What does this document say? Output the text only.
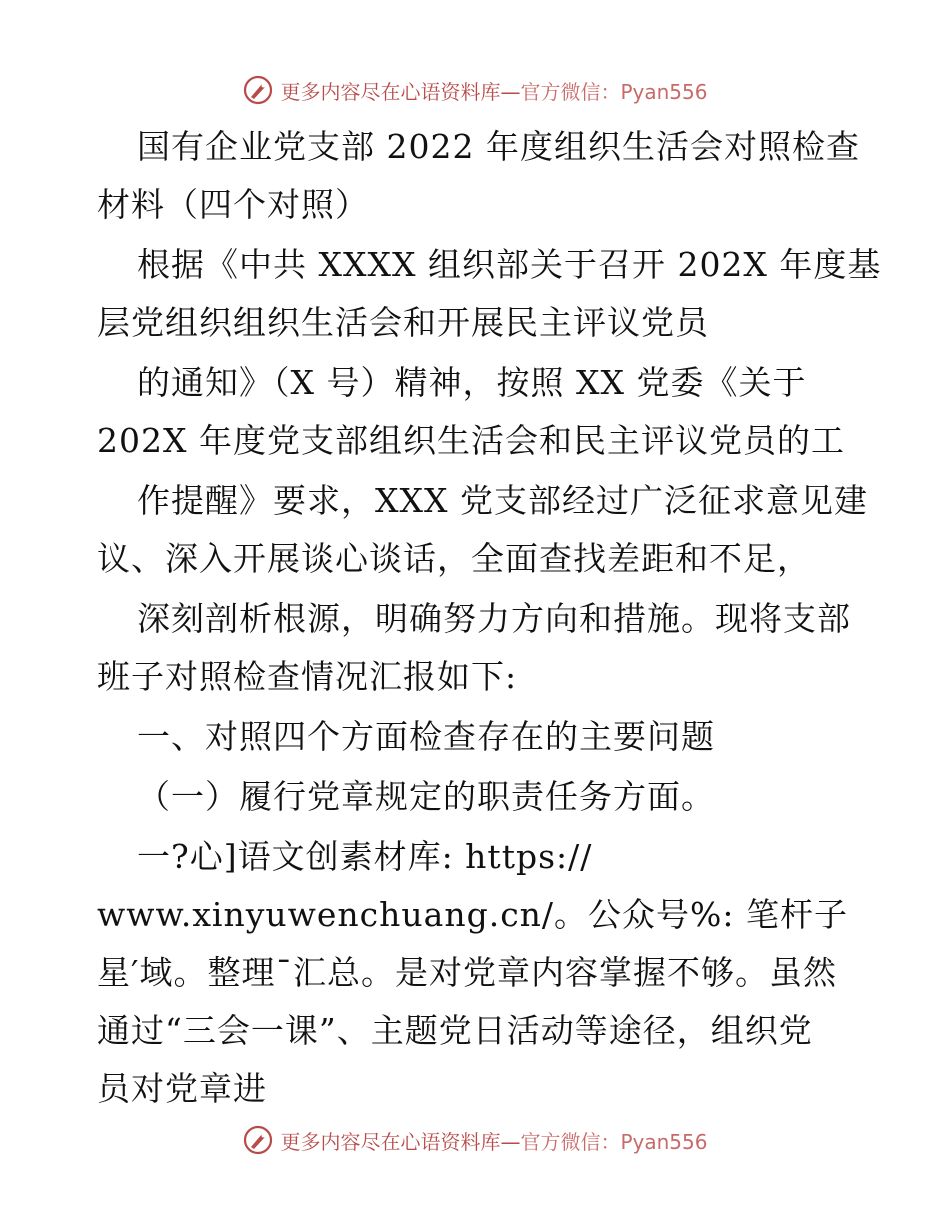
更多内容尽在心语资料库—官方微信：Pyan556
国有企业党支部 2022 年度组织生活会对照检查
材料（四个对照）
根据《中共 XXXX 组织部关于召开 202X 年度基
层党组织组织生活会和开展民主评议党员
的通知》（X 号）精神，按照 XX 党委《关于
202X 年度党支部组织生活会和民主评议党员的工
作提醒》要求，XXX 党支部经过广泛征求意见建
议、深入开展谈心谈话，全面查找差距和不足，
深刻剖析根源，明确努力方向和措施。现将支部
班子对照检查情况汇报如下:
一、对照四个方面检查存在的主要问题
（一）履行党章规定的职责任务方面。
一?心]语文创素材库: https://
www.xinyuwenchuang.cn/。公众号%: 笔杆子
星′域。整理¯汇总。是对党章内容掌握不够。虽然
通过“三会一课”、主题党日活动等途径，组织党
员对党章进
更多内容尽在心语资料库—官方微信：Pyan556
